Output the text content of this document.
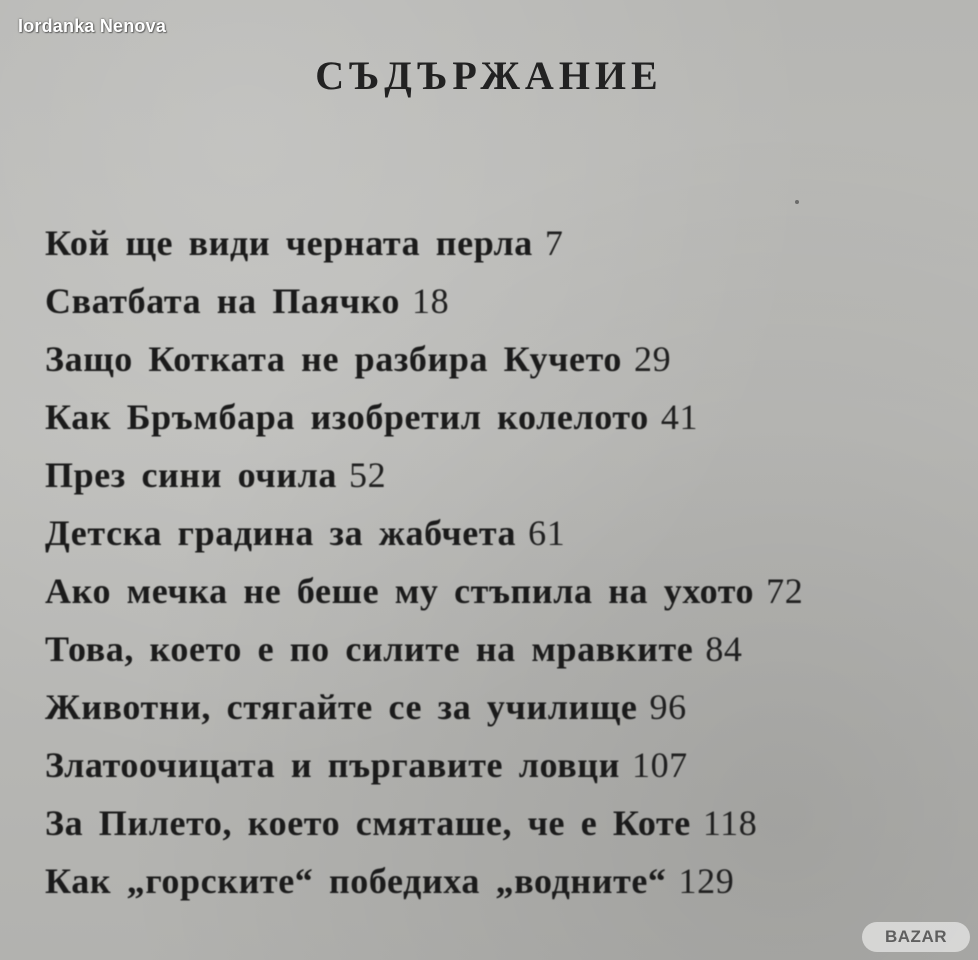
Iordanka Nenova
СЪДЪРЖАНИЕ
Кой ще види черната перла 7
Сватбата на Паячко 18
Защо Котката не разбира Кучето 29
Как Бръмбара изобретил колелото 41
През сини очила 52
Детска градина за жабчета 61
Ако мечка не беше му стъпила на ухото 72
Това, което е по силите на мравките 84
Животни, стягайте се за училище 96
Златоочицата и пъргавите ловци 107
За Пилето, което смяташе, че е Коте 118
Как „горските“ победиха „водните“ 129
BAZAR
